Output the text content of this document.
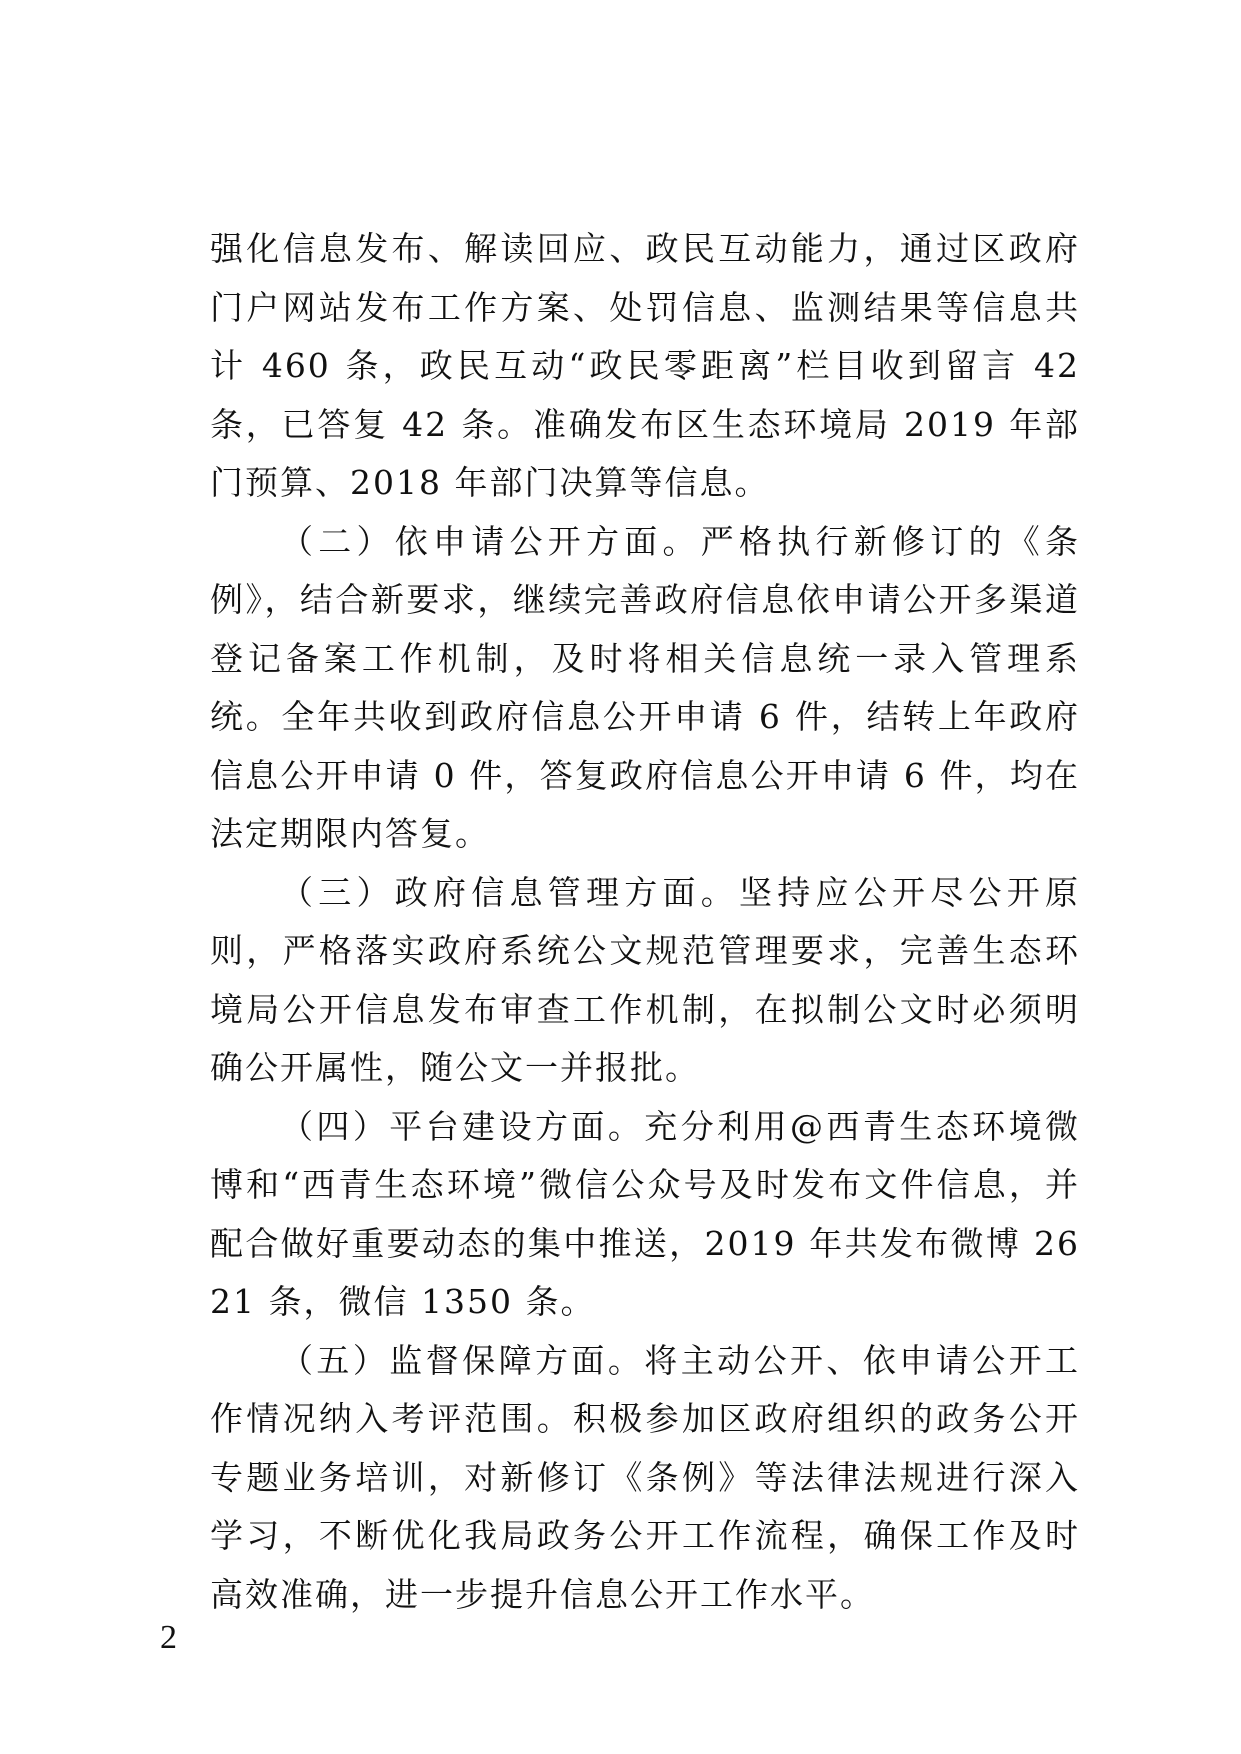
强化信息发布、解读回应、政民互动能力，通过区政府门户网站发布工作方案、处罚信息、监测结果等信息共计 460 条，政民互动“政民零距离”栏目收到留言 42 条，已答复 42 条。准确发布区生态环境局 2019 年部门预算、2018 年部门决算等信息。

（二）依申请公开方面。严格执行新修订的《条例》，结合新要求，继续完善政府信息依申请公开多渠道登记备案工作机制，及时将相关信息统一录入管理系统。全年共收到政府信息公开申请 6 件，结转上年政府信息公开申请 0 件，答复政府信息公开申请 6 件，均在法定期限内答复。

（三）政府信息管理方面。坚持应公开尽公开原则，严格落实政府系统公文规范管理要求，完善生态环境局公开信息发布审查工作机制，在拟制公文时必须明确公开属性，随公文一并报批。

（四）平台建设方面。充分利用@西青生态环境微博和“西青生态环境”微信公众号及时发布文件信息，并配合做好重要动态的集中推送，2019 年共发布微博 2621 条，微信 1350 条。

（五）监督保障方面。将主动公开、依申请公开工作情况纳入考评范围。积极参加区政府组织的政务公开专题业务培训，对新修订《条例》等法律法规进行深入学习，不断优化我局政务公开工作流程，确保工作及时高效准确，进一步提升信息公开工作水平。

2
